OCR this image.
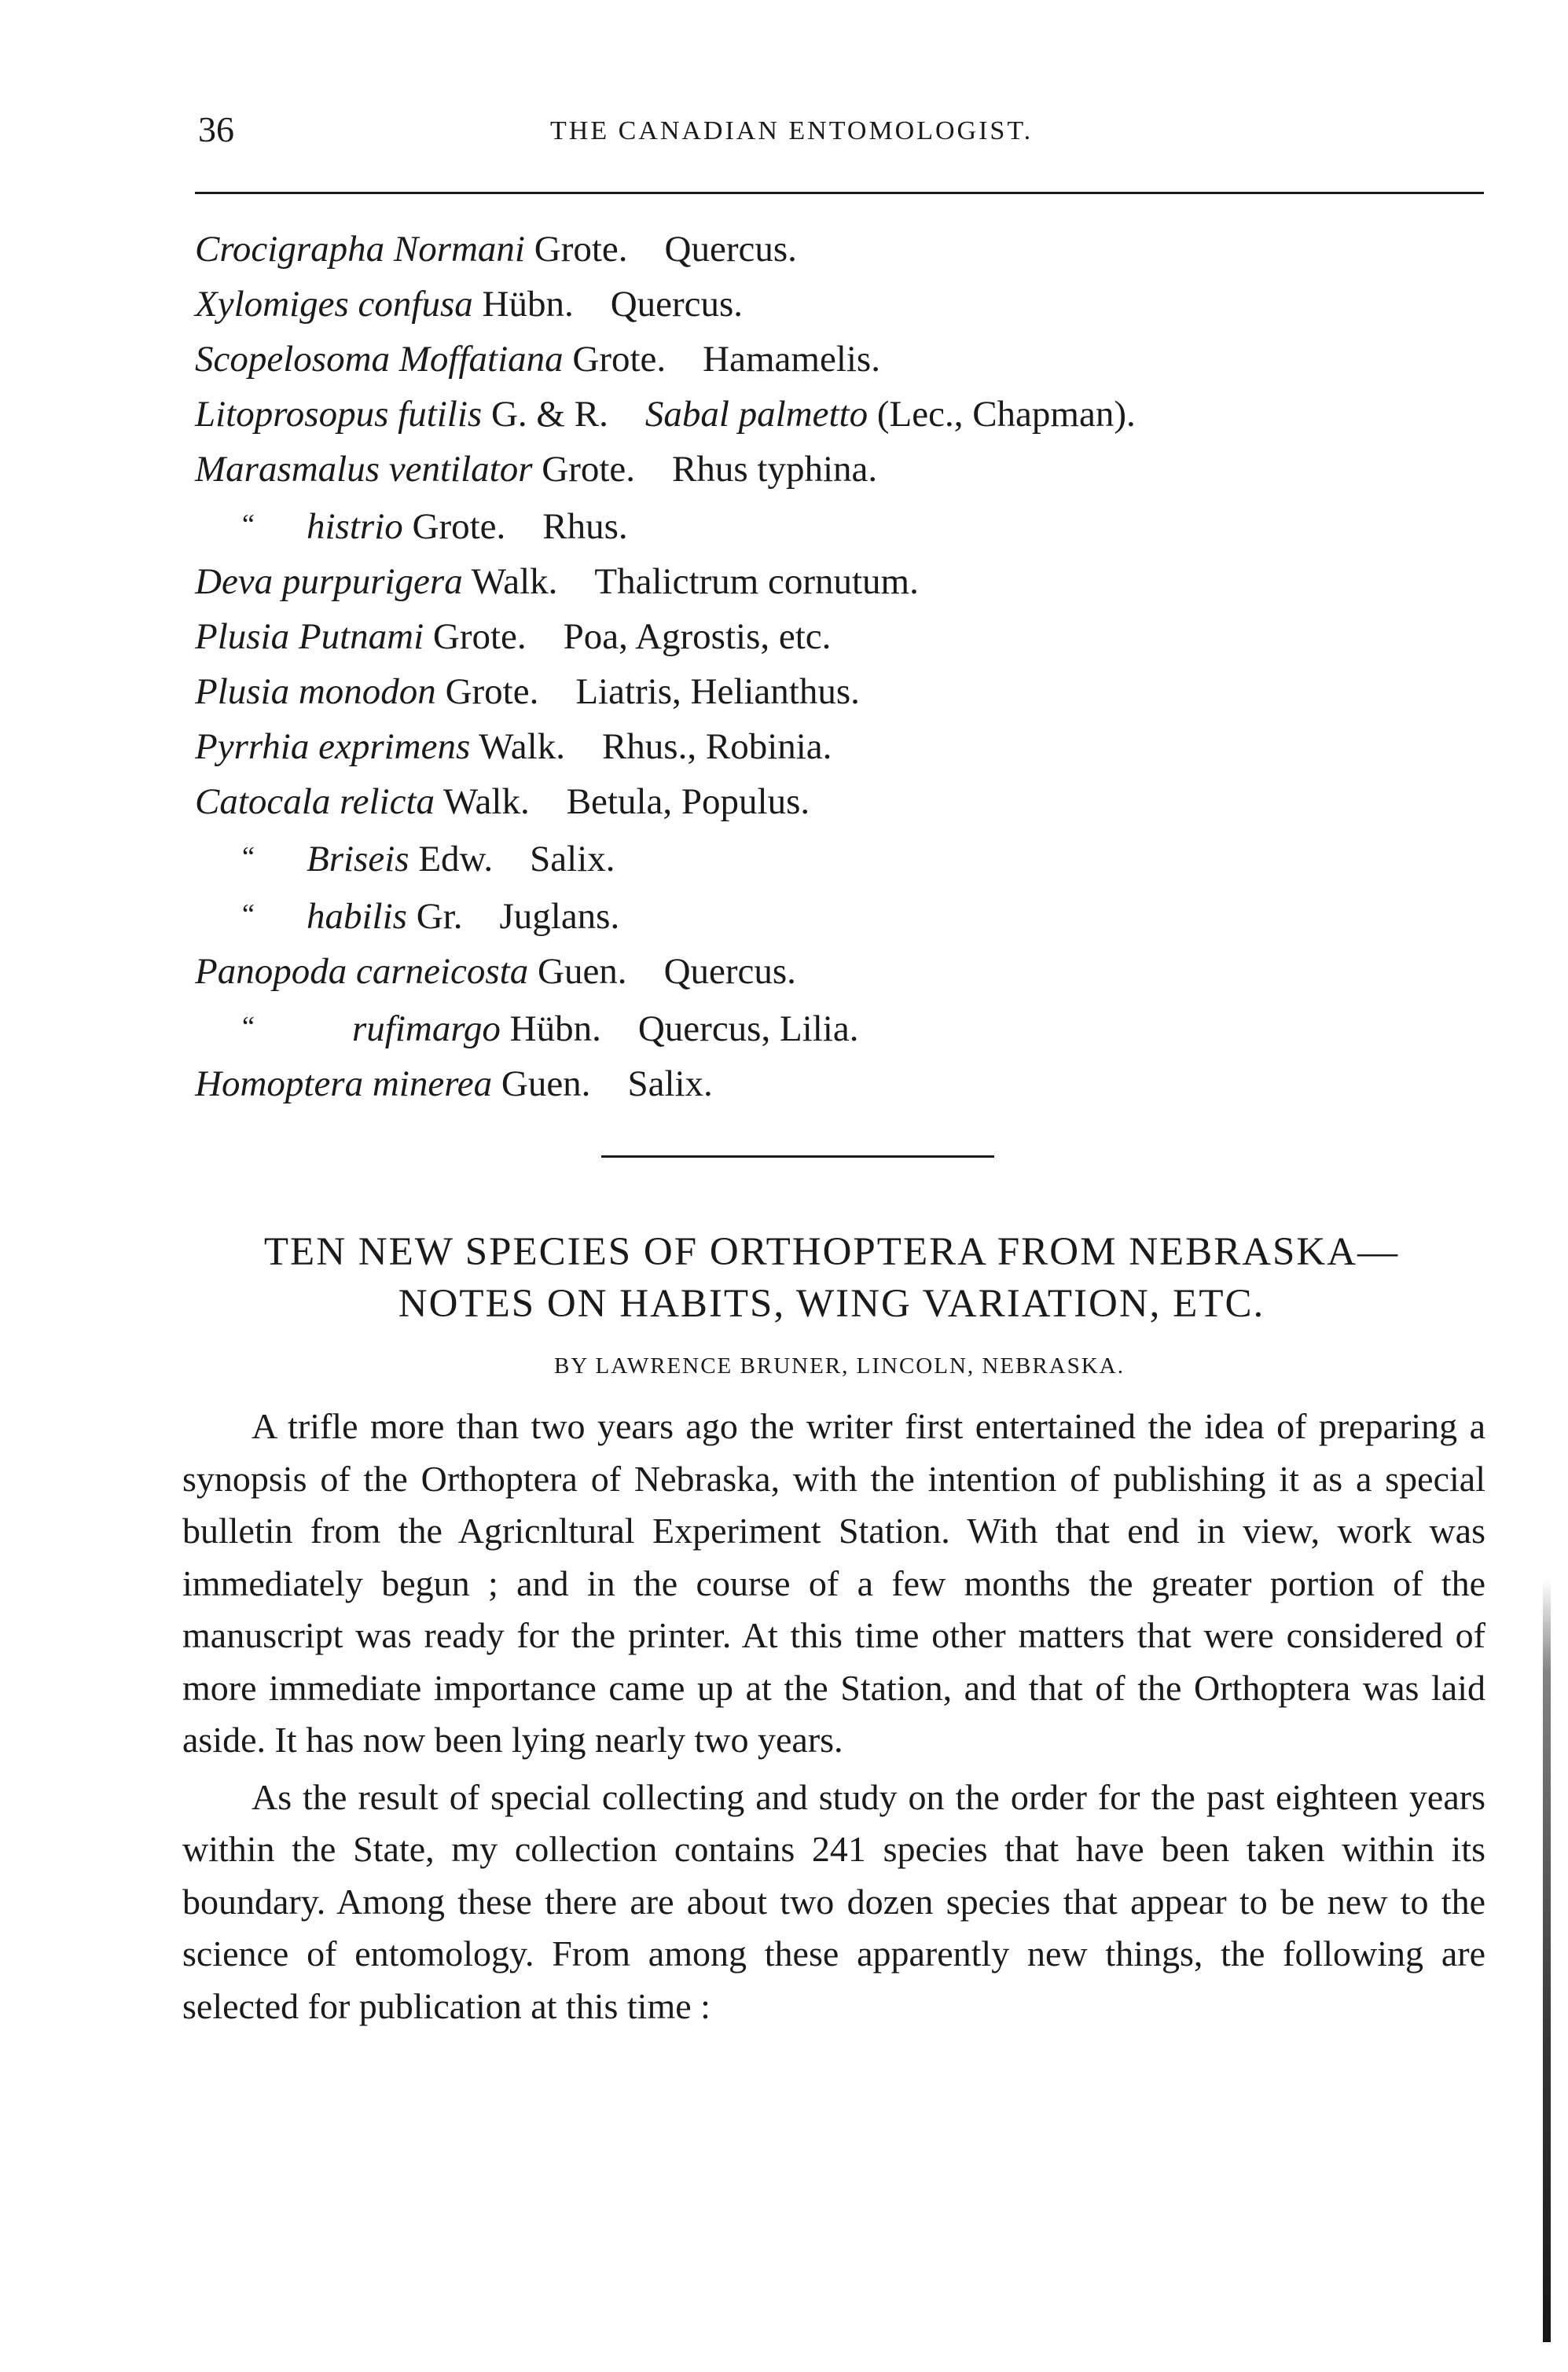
36	THE CANADIAN ENTOMOLOGIST.
Crocigrapha Normani Grote.  Quercus.
Xylomiges confusa Hübn.  Quercus.
Scopelosoma Moffatiana Grote.  Hamamelis.
Litoprosopus futilis G. & R.  Sabal palmetto (Lec., Chapman).
Marasmalus ventilator Grote.  Rhus typhina.
“ histrio Grote.  Rhus.
Deva purpurigera Walk.  Thalictrum cornutum.
Plusia Putnami Grote.  Poa, Agrostis, etc.
Plusia monodon Grote.  Liatris, Helianthus.
Pyrrhia exprimens Walk.  Rhus., Robinia.
Catocala relicta Walk.  Betula, Populus.
“ Briseis Edw.  Salix.
“ habilis Gr.  Juglans.
Panopoda carneicosta Guen.  Quercus.
“	rufimargo Hübn.  Quercus, Lilia.
Homoptera minerea Guen.  Salix.
TEN NEW SPECIES OF ORTHOPTERA FROM NEBRASKA—
NOTES ON HABITS, WING VARIATION, ETC.
BY LAWRENCE BRUNER, LINCOLN, NEBRASKA.

A trifle more than two years ago the writer first entertained the idea of preparing a synopsis of the Orthoptera of Nebraska, with the intention of publishing it as a special bulletin from the Agricnltural Experiment Station. With that end in view, work was immediately begun ; and in the course of a few months the greater portion of the manuscript was ready for the printer. At this time other matters that were considered of more immediate importance came up at the Station, and that of the Orthoptera was laid aside. It has now been lying nearly two years.

As the result of special collecting and study on the order for the past eighteen years within the State, my collection contains 241 species that have been taken within its boundary. Among these there are about two dozen species that appear to be new to the science of entomology. From among these apparently new things, the following are selected for publication at this time :
